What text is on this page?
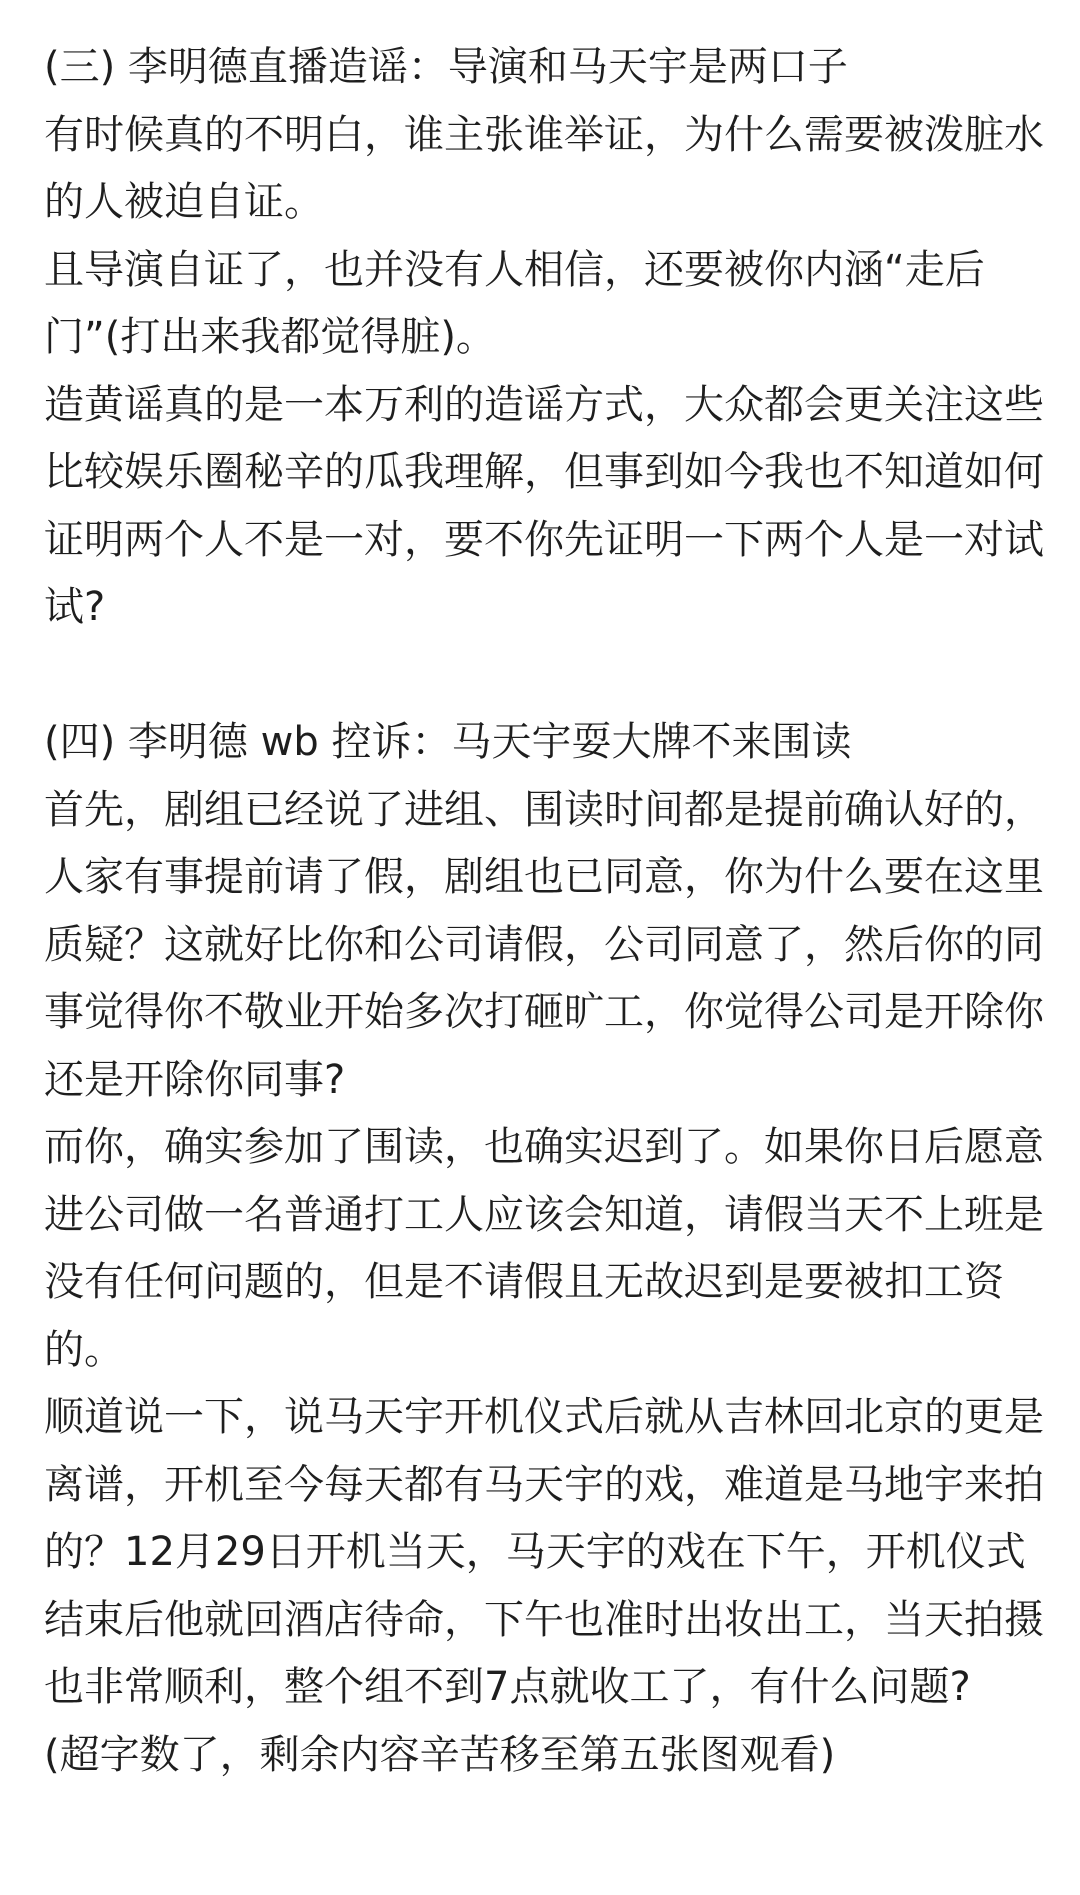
(三) 李明德直播造谣：导演和马天宇是两口子

有时候真的不明白，谁主张谁举证，为什么需要被泼脏水的人被迫自证。

且导演自证了，也并没有人相信，还要被你内涵“走后门”(打出来我都觉得脏)。

造黄谣真的是一本万利的造谣方式，大众都会更关注这些比较娱乐圈秘辛的瓜我理解，但事到如今我也不知道如何证明两个人不是一对，要不你先证明一下两个人是一对试试?

(四) 李明德 wb 控诉：马天宇耍大牌不来围读

首先，剧组已经说了进组、围读时间都是提前确认好的，人家有事提前请了假，剧组也已同意，你为什么要在这里质疑？这就好比你和公司请假，公司同意了，然后你的同事觉得你不敬业开始多次打砸旷工，你觉得公司是开除你还是开除你同事?

而你，确实参加了围读，也确实迟到了。如果你日后愿意进公司做一名普通打工人应该会知道，请假当天不上班是没有任何问题的，但是不请假且无故迟到是要被扣工资的。

顺道说一下，说马天宇开机仪式后就从吉林回北京的更是离谱，开机至今每天都有马天宇的戏，难道是马地宇来拍的？12月29日开机当天，马天宇的戏在下午，开机仪式结束后他就回酒店待命，下午也准时出妆出工，当天拍摄也非常顺利，整个组不到7点就收工了，有什么问题?

(超字数了，剩余内容辛苦移至第五张图观看)
